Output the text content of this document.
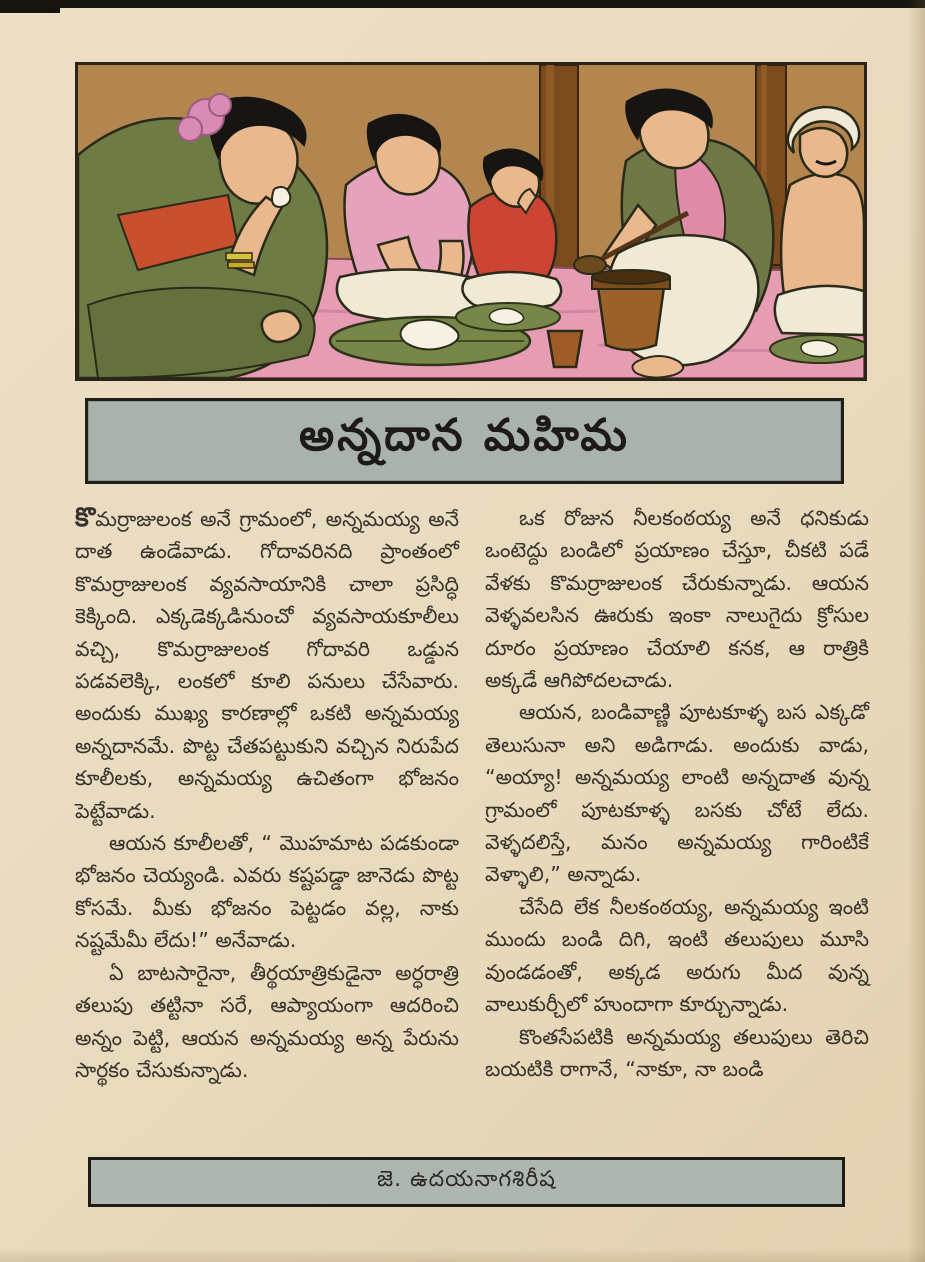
అన్నదాన మహిమ

కొమర్రాజులంక అనే గ్రామంలో, అన్నమయ్య అనే దాత ఉండేవాడు. గోదావరినది ప్రాంతంలో కొమర్రాజులంక వ్యవసాయానికి చాలా ప్రసిద్ధి కెక్కింది. ఎక్కడెక్కడినుంచో వ్యవసాయకూలీలు వచ్చి, కొమర్రాజులంక గోదావరి ఒడ్డున పడవలెక్కి, లంకలో కూలి పనులు చేసేవారు. అందుకు ముఖ్య కారణాల్లో ఒకటి అన్నమయ్య అన్నదానమే. పొట్ట చేతపట్టుకుని వచ్చిన నిరుపేద కూలీలకు, అన్నమయ్య ఉచితంగా భోజనం పెట్టేవాడు.

ఆయన కూలీలతో, “ మొహమాట పడకుండా భోజనం చెయ్యండి. ఎవరు కష్టపడ్డా జానెడు పొట్ట కోసమే. మీకు భోజనం పెట్టడం వల్ల, నాకు నష్టమేమీ లేదు!” అనేవాడు.

ఏ బాటసారైనా, తీర్థయాత్రికుడైనా అర్ధరాత్రి తలుపు తట్టినా సరే, ఆప్యాయంగా ఆదరించి అన్నం పెట్టి, ఆయన అన్నమయ్య అన్న పేరును సార్థకం చేసుకున్నాడు.

ఒక రోజున నీలకంఠయ్య అనే ధనికుడు ఒంటెద్దు బండిలో ప్రయాణం చేస్తూ, చీకటి పడే వేళకు కొమర్రాజులంక చేరుకున్నాడు. ఆయన వెళ్ళవలసిన ఊరుకు ఇంకా నాలుగైదు క్రోసుల దూరం ప్రయాణం చేయాలి కనక, ఆ రాత్రికి అక్కడే ఆగిపోదలచాడు.

ఆయన, బండివాణ్ణి పూటకూళ్ళ బస ఎక్కడో తెలుసునా అని అడిగాడు. అందుకు వాడు, “అయ్యా! అన్నమయ్య లాంటి అన్నదాత వున్న గ్రామంలో పూటకూళ్ళ బసకు చోటే లేదు. వెళ్ళదలిస్తే, మనం అన్నమయ్య గారింటికే వెళ్ళాలి,” అన్నాడు.

చేసేది లేక నీలకంఠయ్య, అన్నమయ్య ఇంటి ముందు బండి దిగి, ఇంటి తలుపులు మూసి వుండడంతో, అక్కడ అరుగు మీద వున్న వాలుకుర్చీలో హుందాగా కూర్చున్నాడు.

కొంతసేపటికి అన్నమయ్య తలుపులు తెరిచి బయటికి రాగానే, “నాకూ, నా బండి

జె. ఉదయనాగశిరీష
